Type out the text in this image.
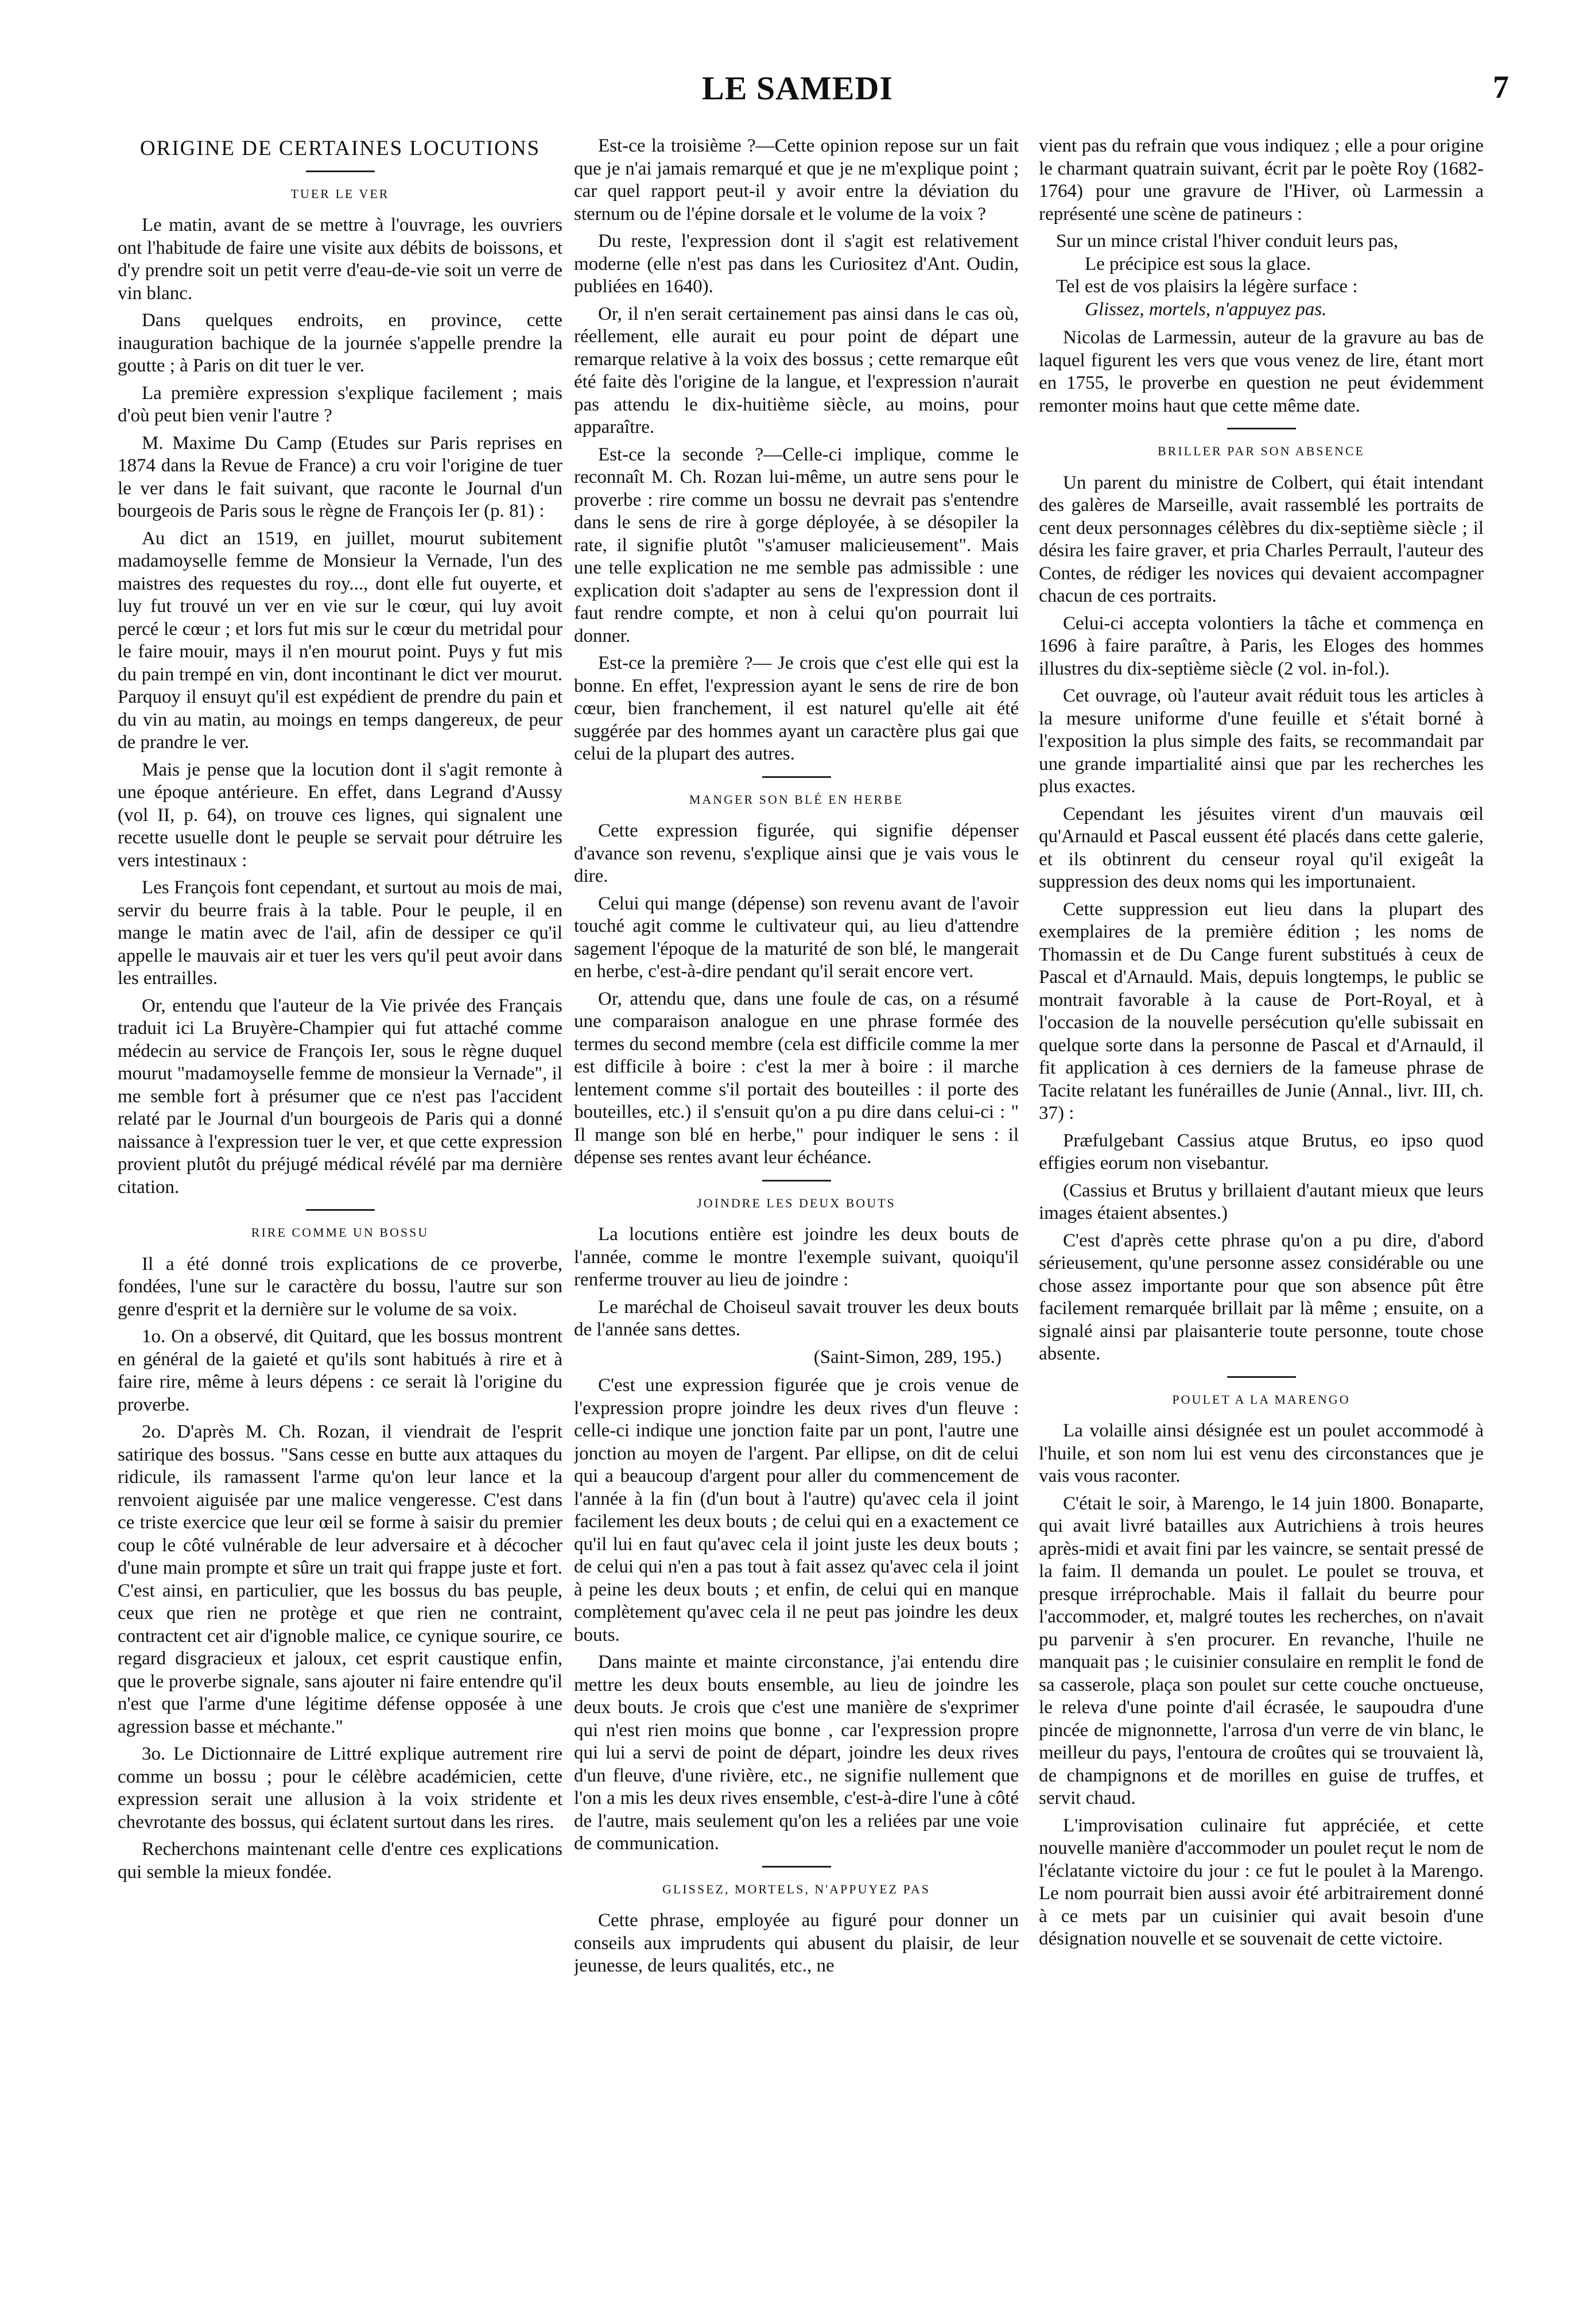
LE SAMEDI	7
ORIGINE DE CERTAINES LOCUTIONS
TUER LE VER

Le matin, avant de se mettre à l'ouvrage, les ouvriers ont l'habitude de faire une visite aux débits de boissons, et d'y prendre soit un petit verre d'eau-de-vie soit un verre de vin blanc.

Dans quelques endroits, en province, cette inauguration bachique de la journée s'appelle prendre la goutte ; à Paris on dit tuer le ver.

La première expression s'explique facilement ; mais d'où peut bien venir l'autre ?

M. Maxime Du Camp (Etudes sur Paris reprises en 1874 dans la Revue de France) a cru voir l'origine de tuer le ver dans le fait suivant, que raconte le Journal d'un bourgeois de Paris sous le règne de François Ier (p. 81) :

Au dict an 1519, en juillet, mourut subitement madamoyselle femme de Monsieur la Vernade, l'un des maistres des requestes du roy..., dont elle fut ouyerte, et luy fut trouvé un ver en vie sur le cœur, qui luy avoit percé le cœur ; et lors fut mis sur le cœur du metridal pour le faire mouir, mays il n'en mourut point. Puys y fut mis du pain trempé en vin, dont incontinant le dict ver mourut. Parquoy il ensuyt qu'il est expédient de prendre du pain et du vin au matin, au moings en temps dangereux, de peur de prandre le ver.

Mais je pense que la locution dont il s'agit remonte à une époque antérieure. En effet, dans Legrand d'Aussy (vol II, p. 64), on trouve ces lignes, qui signalent une recette usuelle dont le peuple se servait pour détruire les vers intestinaux :

Les François font cependant, et surtout au mois de mai, servir du beurre frais à la table. Pour le peuple, il en mange le matin avec de l'ail, afin de dessiper ce qu'il appelle le mauvais air et tuer les vers qu'il peut avoir dans les entrailles.

Or, entendu que l'auteur de la Vie privée des Français traduit ici La Bruyère-Champier qui fut attaché comme médecin au service de François Ier, sous le règne duquel mourut "madamoyselle femme de monsieur la Vernade", il me semble fort à présumer que ce n'est pas l'accident relaté par le Journal d'un bourgeois de Paris qui a donné naissance à l'expression tuer le ver, et que cette expression provient plutôt du préjugé médical révélé par ma dernière citation.

RIRE COMME UN BOSSU

Il a été donné trois explications de ce proverbe, fondées, l'une sur le caractère du bossu, l'autre sur son genre d'esprit et la dernière sur le volume de sa voix.

1o. On a observé, dit Quitard, que les bossus montrent en général de la gaieté et qu'ils sont habitués à rire et à faire rire, même à leurs dépens : ce serait là l'origine du proverbe.

2o. D'après M. Ch. Rozan, il viendrait de l'esprit satirique des bossus. "Sans cesse en butte aux attaques du ridicule, ils ramassent l'arme qu'on leur lance et la renvoient aiguisée par une malice vengeresse. C'est dans ce triste exercice que leur œil se forme à saisir du premier coup le côté vulnérable de leur adversaire et à décocher d'une main prompte et sûre un trait qui frappe juste et fort. C'est ainsi, en particulier, que les bossus du bas peuple, ceux que rien ne protège et que rien ne contraint, contractent cet air d'ignoble malice, ce cynique sourire, ce regard disgracieux et jaloux, cet esprit caustique enfin, que le proverbe signale, sans ajouter ni faire entendre qu'il n'est que l'arme d'une légitime défense opposée à une agression basse et méchante."

3o. Le Dictionnaire de Littré explique autrement rire comme un bossu ; pour le célèbre académicien, cette expression serait une allusion à la voix stridente et chevrotante des bossus, qui éclatent surtout dans les rires.

Recherchons maintenant celle d'entre ces explications qui semble la mieux fondée.

Est-ce la troisième ?—Cette opinion repose sur un fait que je n'ai jamais remarqué et que je ne m'explique point ; car quel rapport peut-il y avoir entre la déviation du sternum ou de l'épine dorsale et le volume de la voix ?

Du reste, l'expression dont il s'agit est relativement moderne (elle n'est pas dans les Curiositez d'Ant. Oudin, publiées en 1640).

Or, il n'en serait certainement pas ainsi dans le cas où, réellement, elle aurait eu pour point de départ une remarque relative à la voix des bossus ; cette remarque eût été faite dès l'origine de la langue, et l'expression n'aurait pas attendu le dix-huitième siècle, au moins, pour apparaître.

Est-ce la seconde ?—Celle-ci implique, comme le reconnaît M. Ch. Rozan lui-même, un autre sens pour le proverbe : rire comme un bossu ne devrait pas s'entendre dans le sens de rire à gorge déployée, à se désopiler la rate, il signifie plutôt "s'amuser malicieusement". Mais une telle explication ne me semble pas admissible : une explication doit s'adapter au sens de l'expression dont il faut rendre compte, et non à celui qu'on pourrait lui donner.

Est-ce la première ?— Je crois que c'est elle qui est la bonne. En effet, l'expression ayant le sens de rire de bon cœur, bien franchement, il est naturel qu'elle ait été suggérée par des hommes ayant un caractère plus gai que celui de la plupart des autres.

MANGER SON BLÉ EN HERBE

Cette expression figurée, qui signifie dépenser d'avance son revenu, s'explique ainsi que je vais vous le dire.

Celui qui mange (dépense) son revenu avant de l'avoir touché agit comme le cultivateur qui, au lieu d'attendre sagement l'époque de la maturité de son blé, le mangerait en herbe, c'est-à-dire pendant qu'il serait encore vert.

Or, attendu que, dans une foule de cas, on a résumé une comparaison analogue en une phrase formée des termes du second membre (cela est difficile comme la mer est difficile à boire : c'est la mer à boire : il marche lentement comme s'il portait des bouteilles : il porte des bouteilles, etc.) il s'ensuit qu'on a pu dire dans celui-ci : " Il mange son blé en herbe," pour indiquer le sens : il dépense ses rentes avant leur échéance.

JOINDRE LES DEUX BOUTS

La locutions entière est joindre les deux bouts de l'année, comme le montre l'exemple suivant, quoiqu'il renferme trouver au lieu de joindre :

Le maréchal de Choiseul savait trouver les deux bouts de l'année sans dettes.

(Saint-Simon, 289, 195.)

C'est une expression figurée que je crois venue de l'expression propre joindre les deux rives d'un fleuve : celle-ci indique une jonction faite par un pont, l'autre une jonction au moyen de l'argent. Par ellipse, on dit de celui qui a beaucoup d'argent pour aller du commencement de l'année à la fin (d'un bout à l'autre) qu'avec cela il joint facilement les deux bouts ; de celui qui en a exactement ce qu'il lui en faut qu'avec cela il joint juste les deux bouts ; de celui qui n'en a pas tout à fait assez qu'avec cela il joint à peine les deux bouts ; et enfin, de celui qui en manque complètement qu'avec cela il ne peut pas joindre les deux bouts.

Dans mainte et mainte circonstance, j'ai entendu dire mettre les deux bouts ensemble, au lieu de joindre les deux bouts. Je crois que c'est une manière de s'exprimer qui n'est rien moins que bonne , car l'expression propre qui lui a servi de point de départ, joindre les deux rives d'un fleuve, d'une rivière, etc., ne signifie nullement que l'on a mis les deux rives ensemble, c'est-à-dire l'une à côté de l'autre, mais seulement qu'on les a reliées par une voie de communication.

GLISSEZ, MORTELS, N'APPUYEZ PAS

Cette phrase, employée au figuré pour donner un conseils aux imprudents qui abusent du plaisir, de leur jeunesse, de leurs qualités, etc., ne

vient pas du refrain que vous indiquez ; elle a pour origine le charmant quatrain suivant, écrit par le poète Roy (1682-1764) pour une gravure de l'Hiver, où Larmessin a représenté une scène de patineurs :

Sur un mince cristal l'hiver conduit leurs pas,
Le précipice est sous la glace.
Tel est de vos plaisirs la légère surface :
Glissez, mortels, n'appuyez pas.

Nicolas de Larmessin, auteur de la gravure au bas de laquel figurent les vers que vous venez de lire, étant mort en 1755, le proverbe en question ne peut évidemment remonter moins haut que cette même date.

BRILLER PAR SON ABSENCE

Un parent du ministre de Colbert, qui était intendant des galères de Marseille, avait rassemblé les portraits de cent deux personnages célèbres du dix-septième siècle ; il désira les faire graver, et pria Charles Perrault, l'auteur des Contes, de rédiger les novices qui devaient accompagner chacun de ces portraits.

Celui-ci accepta volontiers la tâche et commença en 1696 à faire paraître, à Paris, les Eloges des hommes illustres du dix-septième siècle (2 vol. in-fol.).

Cet ouvrage, où l'auteur avait réduit tous les articles à la mesure uniforme d'une feuille et s'était borné à l'exposition la plus simple des faits, se recommandait par une grande impartialité ainsi que par les recherches les plus exactes.

Cependant les jésuites virent d'un mauvais œil qu'Arnauld et Pascal eussent été placés dans cette galerie, et ils obtinrent du censeur royal qu'il exigeât la suppression des deux noms qui les importunaient.

Cette suppression eut lieu dans la plupart des exemplaires de la première édition ; les noms de Thomassin et de Du Cange furent substitués à ceux de Pascal et d'Arnauld. Mais, depuis longtemps, le public se montrait favorable à la cause de Port-Royal, et à l'occasion de la nouvelle persécution qu'elle subissait en quelque sorte dans la personne de Pascal et d'Arnauld, il fit application à ces derniers de la fameuse phrase de Tacite relatant les funérailles de Junie (Annal., livr. III, ch. 37) :

Præfulgebant Cassius atque Brutus, eo ipso quod effigies eorum non visebantur.

(Cassius et Brutus y brillaient d'autant mieux que leurs images étaient absentes.)

C'est d'après cette phrase qu'on a pu dire, d'abord sérieusement, qu'une personne assez considérable ou une chose assez importante pour que son absence pût être facilement remarquée brillait par là même ; ensuite, on a signalé ainsi par plaisanterie toute personne, toute chose absente.

POULET A LA MARENGO

La volaille ainsi désignée est un poulet accommodé à l'huile, et son nom lui est venu des circonstances que je vais vous raconter.

C'était le soir, à Marengo, le 14 juin 1800. Bonaparte, qui avait livré batailles aux Autrichiens à trois heures après-midi et avait fini par les vaincre, se sentait pressé de la faim. Il demanda un poulet. Le poulet se trouva, et presque irréprochable. Mais il fallait du beurre pour l'accommoder, et, malgré toutes les recherches, on n'avait pu parvenir à s'en procurer. En revanche, l'huile ne manquait pas ; le cuisinier consulaire en remplit le fond de sa casserole, plaça son poulet sur cette couche onctueuse, le releva d'une pointe d'ail écrasée, le saupoudra d'une pincée de mignonnette, l'arrosa d'un verre de vin blanc, le meilleur du pays, l'entoura de croûtes qui se trouvaient là, de champignons et de morilles en guise de truffes, et servit chaud.

L'improvisation culinaire fut appréciée, et cette nouvelle manière d'accommoder un poulet reçut le nom de l'éclatante victoire du jour : ce fut le poulet à la Marengo. Le nom pourrait bien aussi avoir été arbitrairement donné à ce mets par un cuisinier qui avait besoin d'une désignation nouvelle et se souvenait de cette victoire.
